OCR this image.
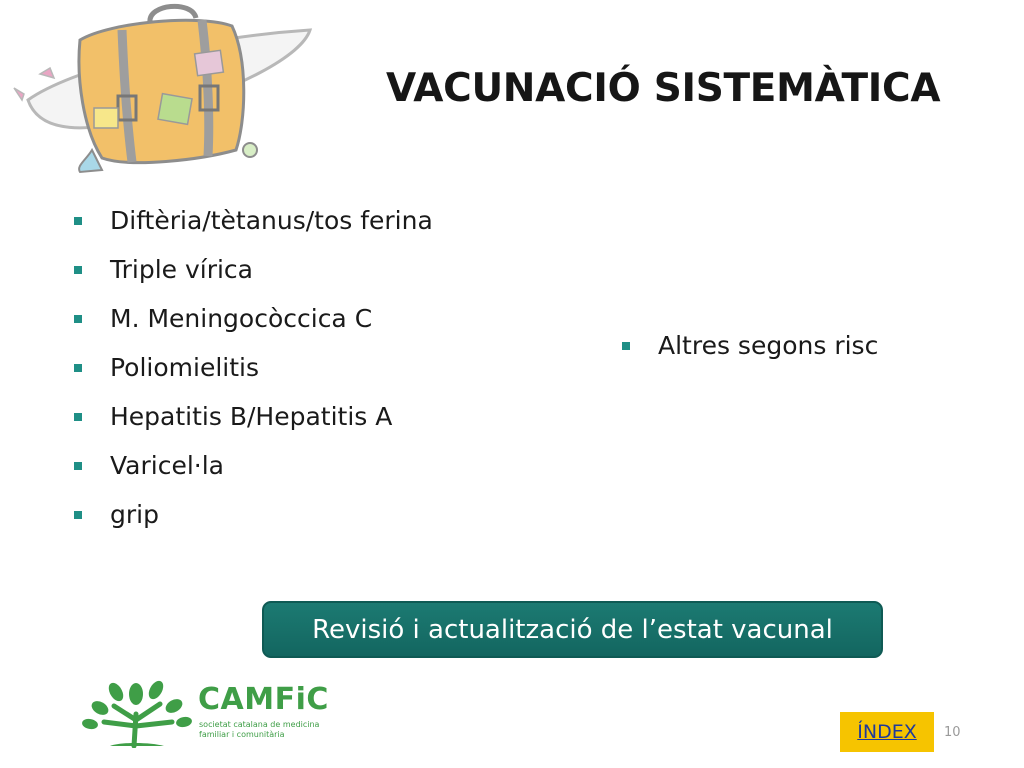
VACUNACIÓ SISTEMÀTICA
Diftèria/tètanus/tos ferina
Triple vírica
M. Meningocòccica C
Poliomielitis
Hepatitis B/Hepatitis A
Varicel·la
grip
Altres segons risc
Revisió i actualització de l’estat vacunal
CAMFiC
societat catalana de medicina
familiar i comunitària	ÍNDEX	10
